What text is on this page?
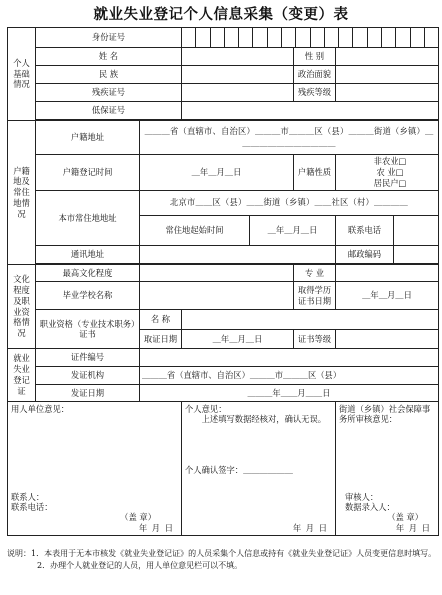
就业失业登记个人信息采集（变更）表
个人基础情况	身份证号						

	姓 名				性 别		
	民 族				政治面貌		
	残疾证号				残疾等级		
	低保证号						

户籍地及常住地情况	户籍地址	＿＿＿省（直辖市、自治区）＿＿＿市＿＿＿区（县）＿＿＿街道（乡镇）＿＿＿＿＿＿＿＿＿＿＿＿					
	户籍登记时间	＿年＿月＿日			户籍性质	非农业□
农 业□
居民户□	

	本市常住地地址	北京市＿＿区（县）＿＿街道（乡镇）＿＿社区（村）＿＿＿＿					
		常住地起始时间		＿年＿月＿日		联系电话	
	通讯地址					邮政编码	

文化程度及职业资格情况	最高文化程度				专 业		
	毕业学校名称				取得学历证书日期	＿年＿月＿日	
	职业资格（专业技术职务）证书	名 称					
		取证日期	＿年＿月＿日		证书等级		
就业失业登记证	证件编号						
	发证机构	＿＿＿省（直辖市、自治区）＿＿＿市＿＿＿区（县）					
	发证日期	＿＿＿年＿＿月＿＿日					

用人单位意见：
联系人：
联系电话：
（盖 章）
年 月 日			个人意见：
上述填写数据经核对，确认无误。
个人确认签字：＿＿＿＿＿＿
年 月 日			街道（乡镇）社会保障事务所审核意见：
审核人：
数据录入人：
（盖 章）
年 月 日	

说明：1．本表用于无本市核发《就业失业登记证》的人员采集个人信息或持有《就业失业登记证》人员变更信息时填写。

2．办理个人就业登记的人员，用人单位意见栏可以不填。
